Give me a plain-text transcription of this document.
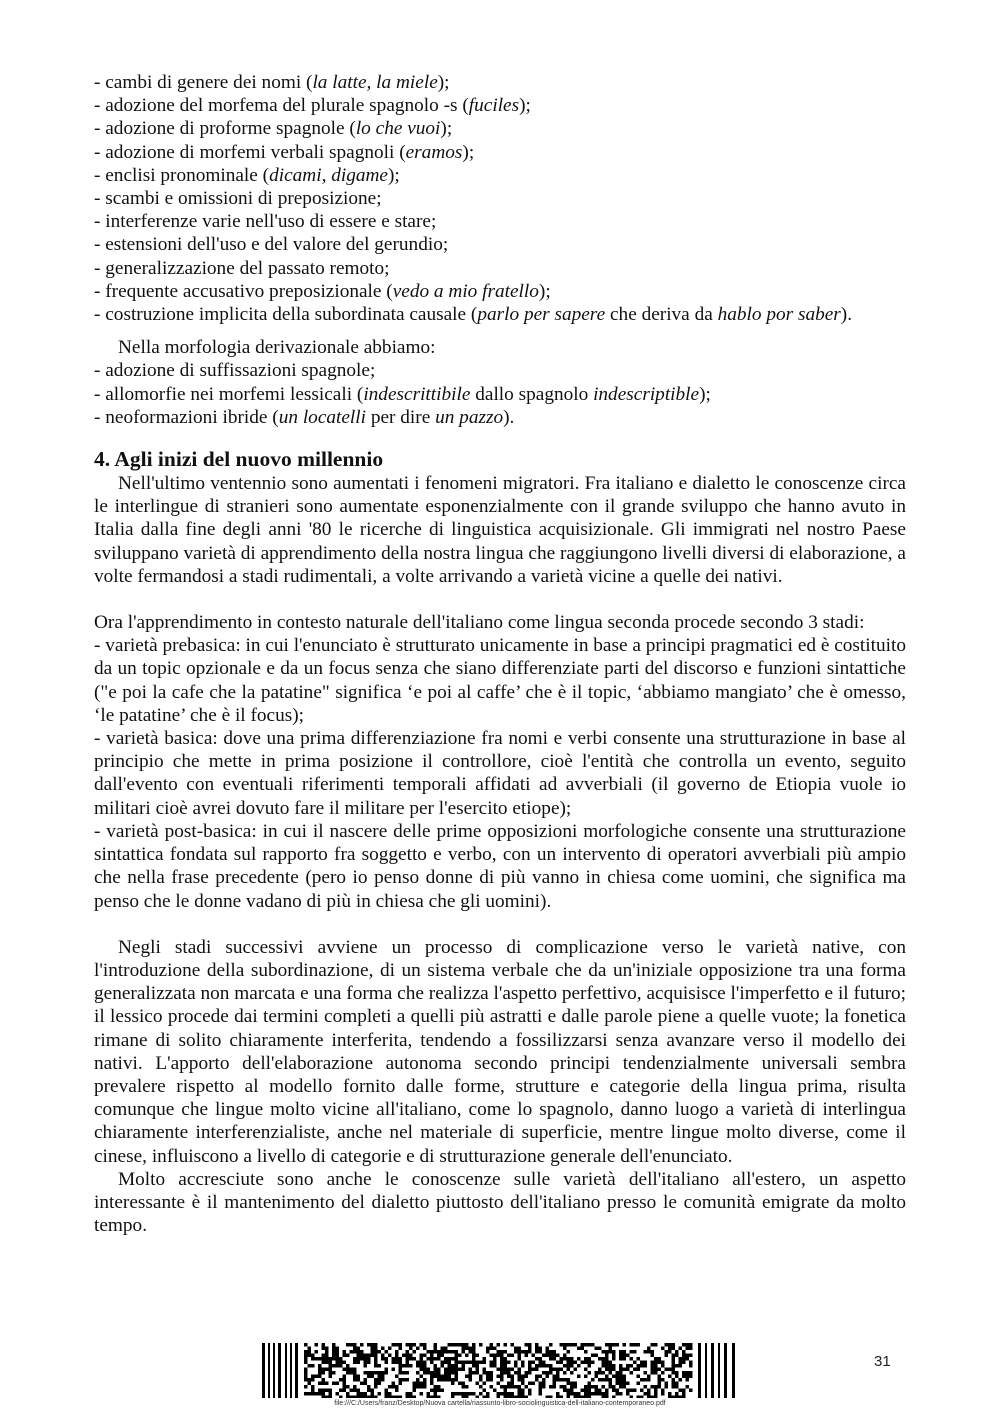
- cambi di genere dei nomi (la latte, la miele);
- adozione del morfema del plurale spagnolo -s (fuciles);
- adozione di proforme spagnole (lo che vuoi);
- adozione di morfemi verbali spagnoli (eramos);
- enclisi pronominale (dicami, digame);
- scambi e omissioni di preposizione;
- interferenze varie nell'uso di essere e stare;
- estensioni dell'uso e del valore del gerundio;
- generalizzazione del passato remoto;
- frequente accusativo preposizionale (vedo a mio fratello);
- costruzione implicita della subordinata causale (parlo per sapere che deriva da hablo por saber).

Nella morfologia derivazionale abbiamo:

- adozione di suffissazioni spagnole;
- allomorfie nei morfemi lessicali (indescrittibile dallo spagnolo indescriptible);
- neoformazioni ibride (un locatelli per dire un pazzo).
4. Agli inizi del nuovo millennio

Nell'ultimo ventennio sono aumentati i fenomeni migratori. Fra italiano e dialetto le conoscenze circa le interlingue di stranieri sono aumentate esponenzialmente con il grande sviluppo che hanno avuto in Italia dalla fine degli anni '80 le ricerche di linguistica acquisizionale. Gli immigrati nel nostro Paese sviluppano varietà di apprendimento della nostra lingua che raggiungono livelli diversi di elaborazione, a volte fermandosi a stadi rudimentali, a volte arrivando a varietà vicine a quelle dei nativi.

Ora l'apprendimento in contesto naturale dell'italiano come lingua seconda procede secondo 3 stadi:

- varietà prebasica: in cui l'enunciato è strutturato unicamente in base a principi pragmatici ed è costituito da un topic opzionale e da un focus senza che siano differenziate parti del discorso e funzioni sintattiche ("e poi la cafe che la patatine" significa ‘e poi al caffe’ che è il topic, ‘abbiamo mangiato’ che è omesso, ‘le patatine’ che è il focus);

- varietà basica: dove una prima differenziazione fra nomi e verbi consente una strutturazione in base al principio che mette in prima posizione il controllore, cioè l'entità che controlla un evento, seguito dall'evento con eventuali riferimenti temporali affidati ad avverbiali (il governo de Etiopia vuole io militari cioè avrei dovuto fare il militare per l'esercito etiope);

- varietà post-basica: in cui il nascere delle prime opposizioni morfologiche consente una strutturazione sintattica fondata sul rapporto fra soggetto e verbo, con un intervento di operatori avverbiali più ampio che nella frase precedente (pero io penso donne di più vanno in chiesa come uomini, che significa ma penso che le donne vadano di più in chiesa che gli uomini).

Negli stadi successivi avviene un processo di complicazione verso le varietà native, con l'introduzione della subordinazione, di un sistema verbale che da un'iniziale opposizione tra una forma generalizzata non marcata e una forma che realizza l'aspetto perfettivo, acquisisce l'imperfetto e il futuro; il lessico procede dai termini completi a quelli più astratti e dalle parole piene a quelle vuote; la fonetica rimane di solito chiaramente interferita, tendendo a fossilizzarsi senza avanzare verso il modello dei nativi. L'apporto dell'elaborazione autonoma secondo principi tendenzialmente universali sembra prevalere rispetto al modello fornito dalle forme, strutture e categorie della lingua prima, risulta comunque che lingue molto vicine all'italiano, come lo spagnolo, danno luogo a varietà di interlingua chiaramente interferenzialiste, anche nel materiale di superficie, mentre lingue molto diverse, come il cinese, influiscono a livello di categorie e di strutturazione generale dell'enunciato.

Molto accresciute sono anche le conoscenze sulle varietà dell'italiano all'estero, un aspetto interessante è il mantenimento del dialetto piuttosto dell'italiano presso le comunità emigrate da molto tempo.

31
file:///C:/Users/franz/Desktop/Nuova cartella/riassunto-libro-sociolinguistica-dell-italiano-contemporaneo.pdf
